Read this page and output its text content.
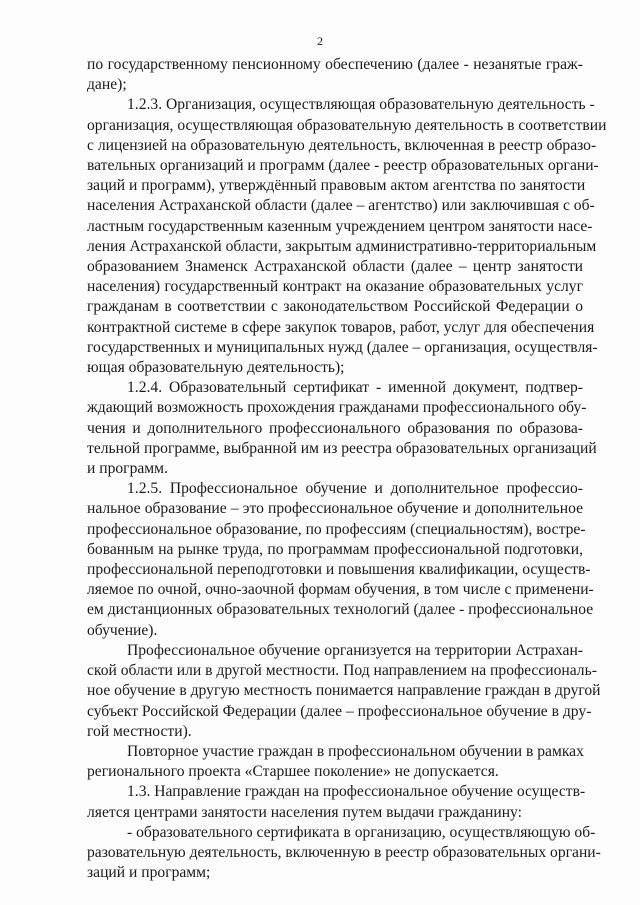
2

по государственному пенсионному обеспечению (далее - незанятые граж-
дане);

1.2.3. Организация, осуществляющая образовательную деятельность -
организация, осуществляющая образовательную деятельность в соответствии
с лицензией на образовательную деятельность, включенная в реестр образо-
вательных организаций и программ (далее - реестр образовательных органи-
заций и программ), утверждённый правовым актом агентства по занятости
населения Астраханской области (далее – агентство) или заключившая с об-
ластным государственным казенным учреждением центром занятости насе-
ления Астраханской области, закрытым административно-территориальным
образованием Знаменск Астраханской области (далее – центр занятости
населения) государственный контракт на оказание образовательных услуг
гражданам в соответствии с законодательством Российской Федерации о
контрактной системе в сфере закупок товаров, работ, услуг для обеспечения
государственных и муниципальных нужд (далее – организация, осуществля-
ющая образовательную деятельность);

1.2.4. Образовательный сертификат - именной документ, подтвер-
ждающий возможность прохождения гражданами профессионального обу-
чения и дополнительного профессионального образования по образова-
тельной программе, выбранной им из реестра образовательных организаций
и программ.

1.2.5. Профессиональное обучение и дополнительное профессио-
нальное образование – это профессиональное обучение и дополнительное
профессиональное образование, по профессиям (специальностям), востре-
бованным на рынке труда, по программам профессиональной подготовки,
профессиональной переподготовки и повышения квалификации, осуществ-
ляемое по очной, очно-заочной формам обучения, в том числе с применени-
ем дистанционных образовательных технологий (далее - профессиональное
обучение).

Профессиональное обучение организуется на территории Астрахан-
ской области или в другой местности. Под направлением на профессиональ-
ное обучение в другую местность понимается направление граждан в другой
субъект Российской Федерации (далее – профессиональное обучение в дру-
гой местности).

Повторное участие граждан в профессиональном обучении в рамках
регионального проекта «Старшее поколение» не допускается.

1.3. Направление граждан на профессиональное обучение осуществ-
ляется центрами занятости населения путем выдачи гражданину:

- образовательного сертификата в организацию, осуществляющую об-
разовательную деятельность, включенную в реестр образовательных органи-
заций и программ;
